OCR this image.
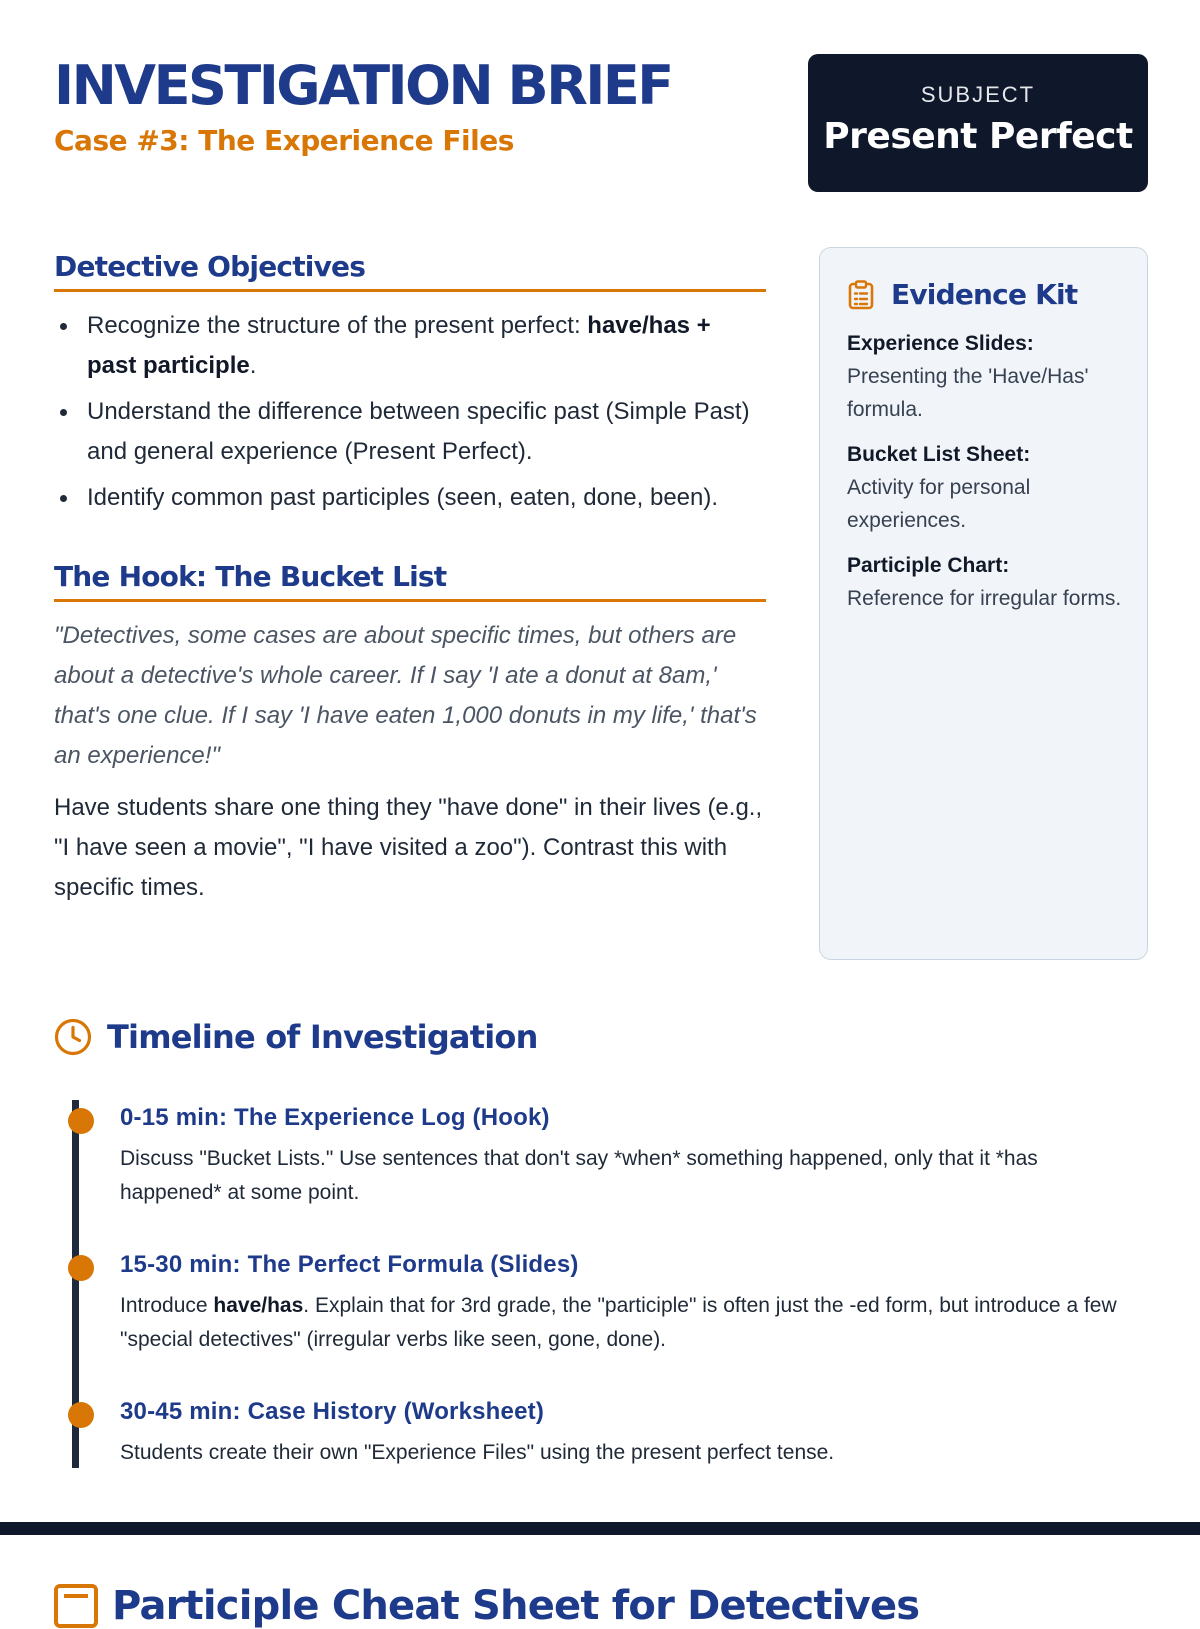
INVESTIGATION BRIEF
Case #3: The Experience Files
SUBJECT
Present Perfect
Detective Objectives
Recognize the structure of the present perfect: have/has + past participle.
Understand the difference between specific past (Simple Past) and general experience (Present Perfect).
Identify common past participles (seen, eaten, done, been).
The Hook: The Bucket List

"Detectives, some cases are about specific times, but others are about a detective's whole career. If I say 'I ate a donut at 8am,' that's one clue. If I say 'I have eaten 1,000 donuts in my life,' that's an experience!"

Have students share one thing they "have done" in their lives (e.g., "I have seen a movie", "I have visited a zoo"). Contrast this with specific times.

Evidence Kit
Experience Slides:
Presenting the 'Have/Has' formula.
Bucket List Sheet:
Activity for personal experiences.
Participle Chart:
Reference for irregular forms.
Timeline of Investigation
0-15 min: The Experience Log (Hook)
Discuss "Bucket Lists." Use sentences that don't say *when* something happened, only that it *has happened* at some point.
15-30 min: The Perfect Formula (Slides)
Introduce have/has. Explain that for 3rd grade, the "participle" is often just the -ed form, but introduce a few "special detectives" (irregular verbs like seen, gone, done).
30-45 min: Case History (Worksheet)
Students create their own "Experience Files" using the present perfect tense.
Participle Cheat Sheet for Detectives
